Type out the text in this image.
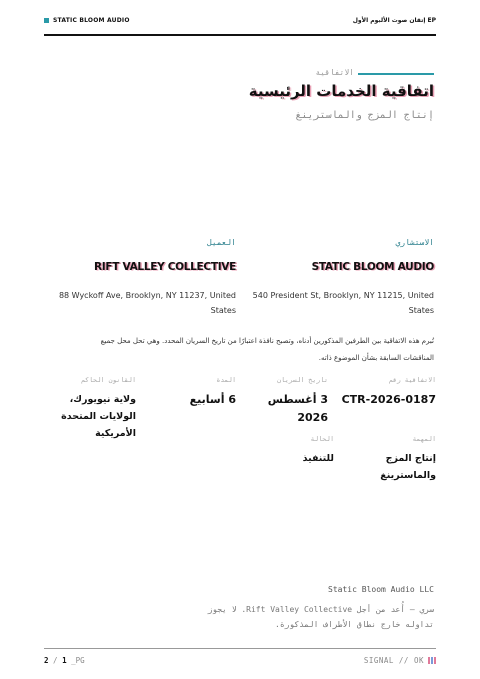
STATIC BLOOM AUDIO	EP إتقان صوت الألبوم الأول
الاتفاقية
اتفاقية الخدمات الرئيسية
إنتاج المزج والماسترينغ
الاستشاري
STATIC BLOOM AUDIO
540 President St, Brooklyn, NY 11215, United
States
العميل
RIFT VALLEY COLLECTIVE
88 Wyckoff Ave, Brooklyn, NY 11237, United
States
تُبرم هذه الاتفاقية بين الطرفين المذكورين أدناه، وتصبح نافذة اعتبارًا من تاريخ السريان المحدد. وهي تحل محل جميع المناقشات السابقة بشأن الموضوع ذاته.
الاتفاقية رقم
CTR-2026-0187
تاريخ السريان
3 أغسطس 2026
المدة
6 أسابيع
القانون الحاكم
ولاية نيويورك، الولايات المتحدة الأمريكية	المهمة
إنتاج المزج والماسترينغ
الحالة
للتنفيذ
Static Bloom Audio LLC
سري — أُعد من أجل Rift Valley Collective. لا يجوز تداوله خارج نطاق الأطراف المذكورة.
2 / 1 _PG	SIGNAL // OK
